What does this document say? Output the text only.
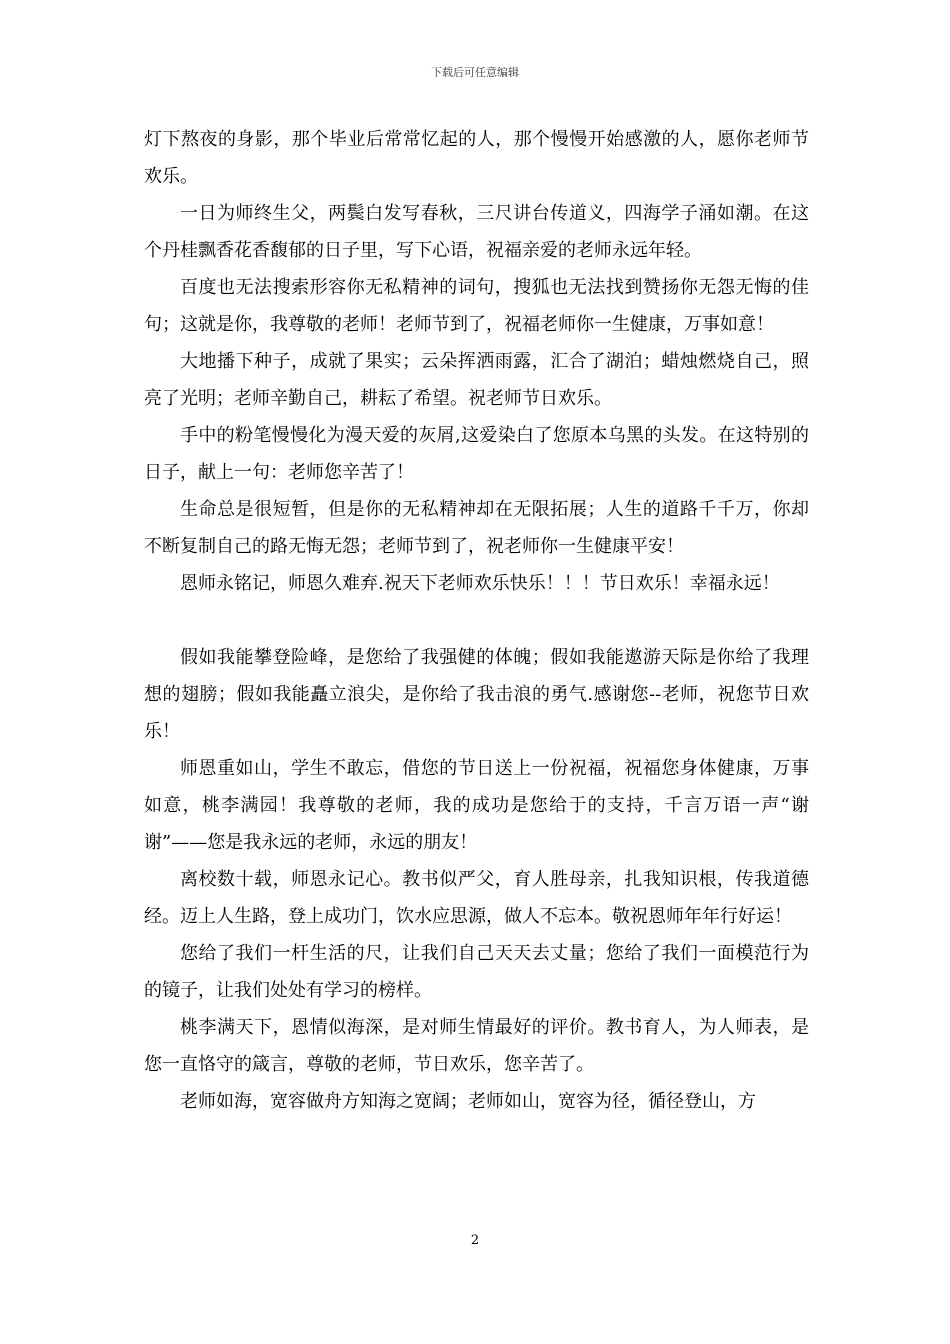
下载后可任意编辑

灯下熬夜的身影，那个毕业后常常忆起的人，那个慢慢开始感激的人，愿你老师节欢乐。

一日为师终生父，两鬓白发写春秋，三尺讲台传道义，四海学子涌如潮。在这个丹桂飘香花香馥郁的日子里，写下心语，祝福亲爱的老师永远年轻。

百度也无法搜索形容你无私精神的词句，搜狐也无法找到赞扬你无怨无悔的佳句；这就是你，我尊敬的老师！老师节到了，祝福老师你一生健康，万事如意！

大地播下种子，成就了果实；云朵挥洒雨露，汇合了湖泊；蜡烛燃烧自己，照亮了光明；老师辛勤自己，耕耘了希望。祝老师节日欢乐。

手中的粉笔慢慢化为漫天爱的灰屑,这爱染白了您原本乌黑的头发。在这特别的日子，献上一句：老师您辛苦了！

生命总是很短暂，但是你的无私精神却在无限拓展；人生的道路千千万，你却不断复制自己的路无悔无怨；老师节到了，祝老师你一生健康平安！

恩师永铭记，师恩久难弃.祝天下老师欢乐快乐！！！节日欢乐！幸福永远！

假如我能攀登险峰，是您给了我强健的体魄；假如我能遨游天际是你给了我理想的翅膀；假如我能矗立浪尖，是你给了我击浪的勇气.感谢您--老师，祝您节日欢乐！

师恩重如山，学生不敢忘，借您的节日送上一份祝福，祝福您身体健康，万事如意，桃李满园！我尊敬的老师，我的成功是您给于的支持，千言万语一声“谢谢”——您是我永远的老师，永远的朋友！

离校数十载，师恩永记心。教书似严父，育人胜母亲，扎我知识根，传我道德经。迈上人生路，登上成功门，饮水应思源，做人不忘本。敬祝恩师年年行好运！

您给了我们一杆生活的尺，让我们自己天天去丈量；您给了我们一面模范行为的镜子，让我们处处有学习的榜样。

桃李满天下，恩情似海深，是对师生情最好的评价。教书育人，为人师表，是您一直恪守的箴言，尊敬的老师，节日欢乐，您辛苦了。

老师如海，宽容做舟方知海之宽阔；老师如山，宽容为径，循径登山，方

2
